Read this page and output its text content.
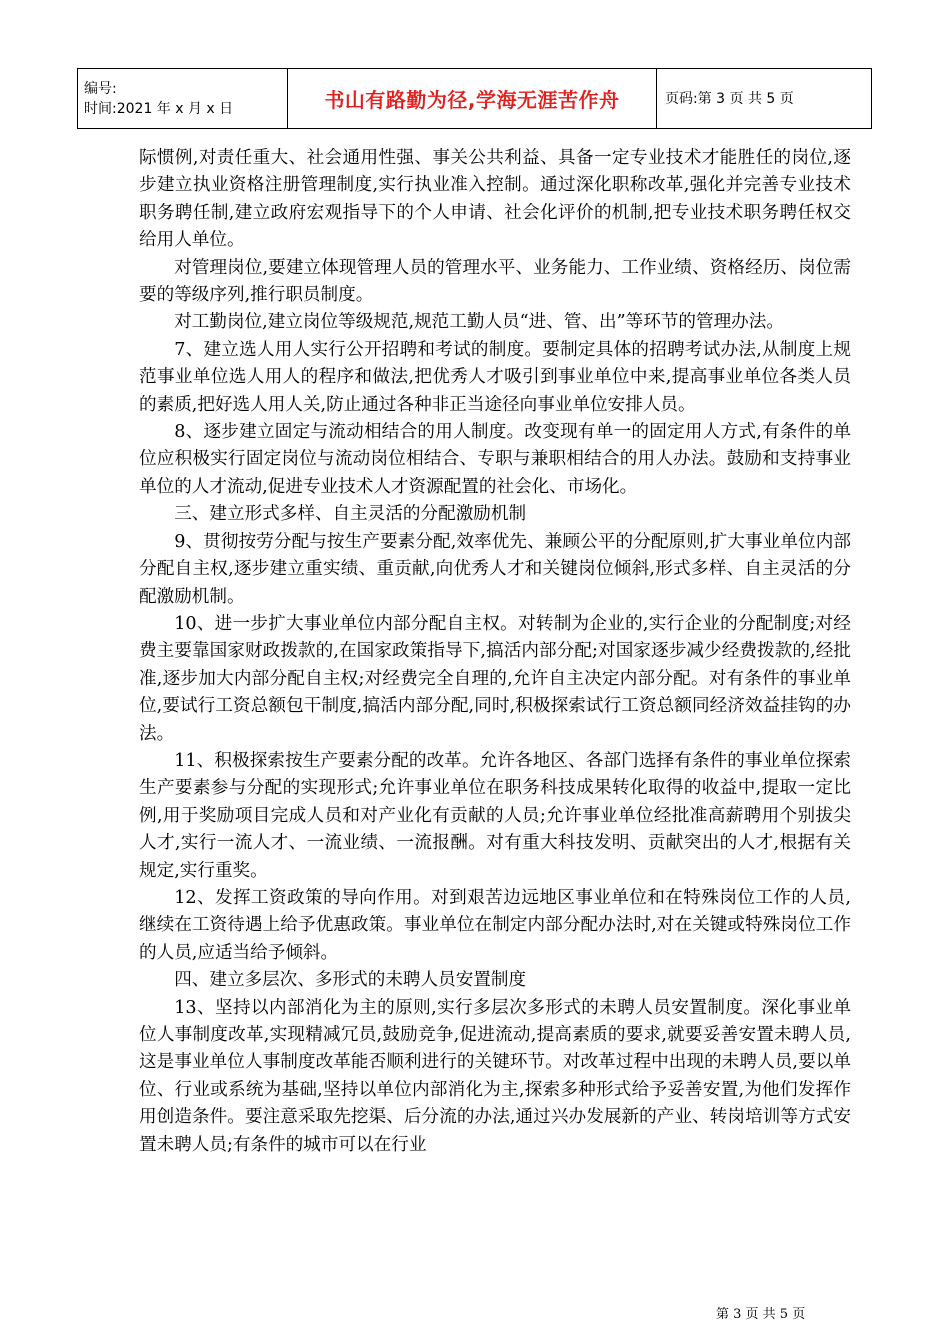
编号:
时间:2021 年 x 月 x 日	书山有路勤为径,学海无涯苦作舟	页码:第 3 页 共 5 页

际惯例,对责任重大、社会通用性强、事关公共利益、具备一定专业技术才能胜任的岗位,逐步建立执业资格注册管理制度,实行执业准入控制。通过深化职称改革,强化并完善专业技术职务聘任制,建立政府宏观指导下的个人申请、社会化评价的机制,把专业技术职务聘任权交给用人单位。

对管理岗位,要建立体现管理人员的管理水平、业务能力、工作业绩、资格经历、岗位需要的等级序列,推行职员制度。

对工勤岗位,建立岗位等级规范,规范工勤人员“进、管、出”等环节的管理办法。

7、建立选人用人实行公开招聘和考试的制度。要制定具体的招聘考试办法,从制度上规范事业单位选人用人的程序和做法,把优秀人才吸引到事业单位中来,提高事业单位各类人员的素质,把好选人用人关,防止通过各种非正当途径向事业单位安排人员。

8、逐步建立固定与流动相结合的用人制度。改变现有单一的固定用人方式,有条件的单位应积极实行固定岗位与流动岗位相结合、专职与兼职相结合的用人办法。鼓励和支持事业单位的人才流动,促进专业技术人才资源配置的社会化、市场化。

三、建立形式多样、自主灵活的分配激励机制

9、贯彻按劳分配与按生产要素分配,效率优先、兼顾公平的分配原则,扩大事业单位内部分配自主权,逐步建立重实绩、重贡献,向优秀人才和关键岗位倾斜,形式多样、自主灵活的分配激励机制。

10、进一步扩大事业单位内部分配自主权。对转制为企业的,实行企业的分配制度;对经费主要靠国家财政拨款的,在国家政策指导下,搞活内部分配;对国家逐步减少经费拨款的,经批准,逐步加大内部分配自主权;对经费完全自理的,允许自主决定内部分配。对有条件的事业单位,要试行工资总额包干制度,搞活内部分配,同时,积极探索试行工资总额同经济效益挂钩的办法。

11、积极探索按生产要素分配的改革。允许各地区、各部门选择有条件的事业单位探索生产要素参与分配的实现形式;允许事业单位在职务科技成果转化取得的收益中,提取一定比例,用于奖励项目完成人员和对产业化有贡献的人员;允许事业单位经批准高薪聘用个别拔尖人才,实行一流人才、一流业绩、一流报酬。对有重大科技发明、贡献突出的人才,根据有关规定,实行重奖。

12、发挥工资政策的导向作用。对到艰苦边远地区事业单位和在特殊岗位工作的人员,继续在工资待遇上给予优惠政策。事业单位在制定内部分配办法时,对在关键或特殊岗位工作的人员,应适当给予倾斜。

四、建立多层次、多形式的未聘人员安置制度

13、坚持以内部消化为主的原则,实行多层次多形式的未聘人员安置制度。深化事业单位人事制度改革,实现精减冗员,鼓励竞争,促进流动,提高素质的要求,就要妥善安置未聘人员,这是事业单位人事制度改革能否顺利进行的关键环节。对改革过程中出现的未聘人员,要以单位、行业或系统为基础,坚持以单位内部消化为主,探索多种形式给予妥善安置,为他们发挥作用创造条件。要注意采取先挖渠、后分流的办法,通过兴办发展新的产业、转岗培训等方式安置未聘人员;有条件的城市可以在行业

第 3 页 共 5 页
